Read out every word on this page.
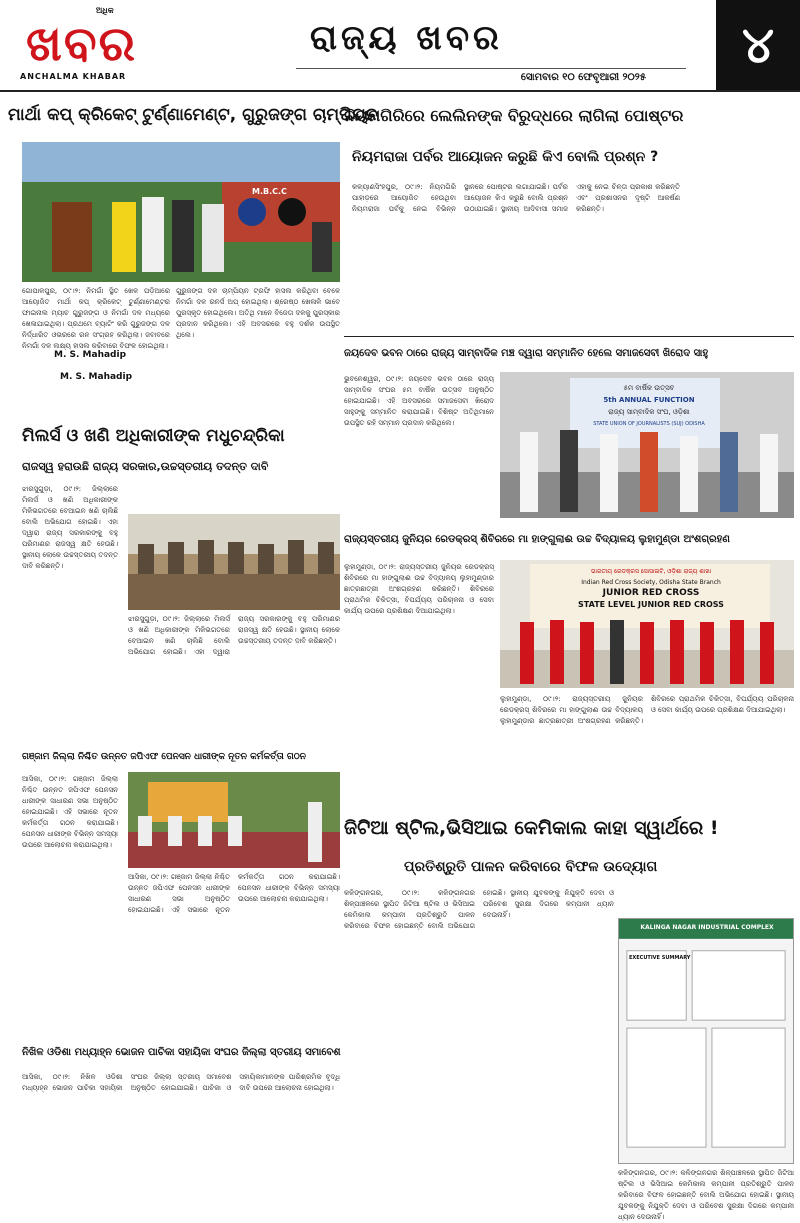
ଅଧିକ
ଖବର
ANCHALMA KHABAR
ରାଜ୍ୟ ଖବର
ସୋମବାର ୧୦ ଫେବୃଆରୀ ୨୦୨୫
୪
ମାର୍ଥା କପ୍ କ୍ରିକେଟ୍ ଟୁର୍ଣ୍ଣାମେଣ୍ଟ, ଗୁରୁଜଙ୍ଗ ଚାମ୍ପିୟନ
M.B.C.C
ଗୋପାଳପୁର, ୦୯।୨: ନିମଗାଁ ସ୍ଥିତ ଖେଳ ପଡ଼ିଆରେ ଆୟୋଜିତ ମାର୍ଥା କପ୍ କ୍ରିକେଟ୍ ଟୁର୍ଣ୍ଣାମେଣ୍ଟର ଫାଇନାଲ ମ୍ୟାଚ ଗୁରୁଜଙ୍ଗ ଓ ନିମଗାଁ ଦଳ ମଧ୍ୟରେ ଖେଳାଯାଇଥିଲା। ପ୍ରଥମେ ବ୍ୟାଟିଂ କରି ଗୁରୁଜଙ୍ଗ ଦଳ ନିର୍ଦ୍ଧାରିତ ଓଭରରେ ରନ ସଂଗ୍ରହ କରିଥିଲା। ଜବାବରେ ନିମଗାଁ ଦଳ ଲକ୍ଷ୍ୟ ହାସଲ କରିବାରେ ବିଫଳ ହୋଇଥିଲା।
ଗୁରୁଜଙ୍ଗ ଦଳ ଚାମ୍ପିୟନ ଟ୍ରଫି ହାସଲ କରିଥିବା ବେଳେ ନିମଗାଁ ଦଳ ରନର୍ସ ଅପ୍ ହୋଇଥିଲା। ଶ୍ରେଷ୍ଠ ଖେଳାଳି ଭାବେ ପୁରସ୍କୃତ ହୋଇଥିଲେ। ଅତିଥି ମାନେ ବିଜେତା ଦଳକୁ ପୁରସ୍କାର ପ୍ରଦାନ କରିଥିଲେ। ଏହି ଅବସରରେ ବହୁ ଦର୍ଶକ ଉପସ୍ଥିତ ଥିଲେ।
M. S. Mahadip
M. S. Mahadip
ନିୟମଗିରିରେ ଲେଲିନଙ୍କ ବିରୁଦ୍ଧରେ ଲାଗିଲା ପୋଷ୍ଟର
ନିୟମରାଜା ପର୍ବର ଆୟୋଜନ କରୁଛି କିଏ ବୋଲି ପ୍ରଶ୍ନ ?
କଳ୍ୟାଣସିଂହପୁର, ୦୯।୨: ନିୟମଗିରି ପାହାଡ଼ରେ ଆୟୋଜିତ ହେଉଥିବା ନିୟମରାଜା ପର୍ବକୁ ନେଇ ବିଭିନ୍ନ ସ୍ଥାନରେ ପୋଷ୍ଟର ଲଗାଯାଇଛି। ପର୍ବର ଆୟୋଜନ କିଏ କରୁଛି ବୋଲି ପ୍ରଶ୍ନ ଉଠାଯାଇଛି। ସ୍ଥାନୀୟ ଆଦିବାସୀ ସମାଜ ଏହାକୁ ନେଇ ଚିନ୍ତା ପ୍ରକାଶ କରିଛନ୍ତି ଏବଂ ପ୍ରଶାସନର ଦୃଷ୍ଟି ଆକର୍ଷଣ କରିଛନ୍ତି।
ଜୟଦେବ ଭବନ ଠାରେ ରାଜ୍ୟ ସାମ୍ବାଦିକ ମଞ୍ଚ ଦ୍ୱାରା ସମ୍ମାନିତ ହେଲେ ସମାଜସେବୀ ଖିରୋଦ ସାହୁ
ଭୁବନେଶ୍ୱର, ୦୯।୨: ଜୟଦେବ ଭବନ ଠାରେ ରାଜ୍ୟ ସାମ୍ବାଦିକ ସଂଘର ୫ମ ବାର୍ଷିକ ଉତ୍ସବ ଅନୁଷ୍ଠିତ ହୋଇଯାଇଛି। ଏହି ଅବସରରେ ସମାଜସେବୀ ଖିରୋଦ ସାହୁଙ୍କୁ ସମ୍ମାନିତ କରାଯାଇଛି। ବିଶିଷ୍ଟ ଅତିଥିମାନେ ଉପସ୍ଥିତ ରହି ସମ୍ମାନ ପ୍ରଦାନ କରିଥିଲେ।
୫ମ ବାର୍ଷିକ ଉତ୍ସବ
5th ANNUAL FUNCTION
ରାଜ୍ୟ ସାମ୍ବାଦିକ ସଂଘ, ଓଡ଼ିଶା
STATE UNION OF JOURNALISTS (SUJ) ODISHA
ମିଲର୍ସ ଓ ଖଣି ଅଧିକାରୀଙ୍କ ମଧୁଚନ୍ଦ୍ରିକା
ରାଜସ୍ୱ ହରାଉଛି ରାଜ୍ୟ ସରକାର,ଉଚ୍ଚସ୍ତରୀୟ ତଦନ୍ତ ଦାବି
ଝାରସୁଗୁଡ଼ା, ୦୯।୨: ଜିଲ୍ଲାରେ ମିଲର୍ସ ଓ ଖଣି ଅଧିକାରୀଙ୍କ ମିଳିଭଗତରେ ବେଆଇନ ଖଣି ଚାଲିଛି ବୋଲି ଅଭିଯୋଗ ହୋଇଛି। ଏହା ଦ୍ୱାରା ରାଜ୍ୟ ସରକାରଙ୍କୁ ବହୁ ପରିମାଣର ରାଜସ୍ୱ କ୍ଷତି ହେଉଛି। ସ୍ଥାନୀୟ ଲୋକେ ଉଚ୍ଚସ୍ତରୀୟ ତଦନ୍ତ ଦାବି କରିଛନ୍ତି।
ଝାରସୁଗୁଡ଼ା, ୦୯।୨: ଜିଲ୍ଲାରେ ମିଲର୍ସ ଓ ଖଣି ଅଧିକାରୀଙ୍କ ମିଳିଭଗତରେ ବେଆଇନ ଖଣି ଚାଲିଛି ବୋଲି ଅଭିଯୋଗ ହୋଇଛି। ଏହା ଦ୍ୱାରା ରାଜ୍ୟ ସରକାରଙ୍କୁ ବହୁ ପରିମାଣର ରାଜସ୍ୱ କ୍ଷତି ହେଉଛି। ସ୍ଥାନୀୟ ଲୋକେ ଉଚ୍ଚସ୍ତରୀୟ ତଦନ୍ତ ଦାବି କରିଛନ୍ତି।
ରାଜ୍ୟସ୍ତରୀୟ ଜୁନିୟର ରେଡକ୍ରସ୍ ଶିବିରରେ ମା ହାଙ୍ଗୁଲାଈ ଉଚ୍ଚ ବିଦ୍ୟାଳୟ ଲୁହାମୁଣ୍ଡା ଅଂଶଗ୍ରହଣ
ଲୁହାମୁଣ୍ଡା, ୦୯।୨: ରାଜ୍ୟସ୍ତରୀୟ ଜୁନିୟର ରେଡକ୍ରସ୍ ଶିବିରରେ ମା ହାଙ୍ଗୁଲାଈ ଉଚ୍ଚ ବିଦ୍ୟାଳୟ ଲୁହାମୁଣ୍ଡାର ଛାତ୍ରଛାତ୍ରୀ ଅଂଶଗ୍ରହଣ କରିଛନ୍ତି। ଶିବିରରେ ପ୍ରାଥମିକ ଚିକିତ୍ସା, ବିପର୍ଯ୍ୟୟ ପରିଚାଳନା ଓ ସେବା କାର୍ଯ୍ୟ ଉପରେ ପ୍ରଶିକ୍ଷଣ ଦିଆଯାଇଥିଲା।
ଭାରତୀୟ ରେଡକ୍ରସ ସୋସାଇଟି, ଓଡ଼ିଶା ରାଜ୍ୟ ଶାଖା
Indian Red Cross Society, Odisha State Branch
JUNIOR RED CROSS
STATE LEVEL JUNIOR RED CROSS
ଲୁହାମୁଣ୍ଡା, ୦୯।୨: ରାଜ୍ୟସ୍ତରୀୟ ଜୁନିୟର ରେଡକ୍ରସ୍ ଶିବିରରେ ମା ହାଙ୍ଗୁଲାଈ ଉଚ୍ଚ ବିଦ୍ୟାଳୟ ଲୁହାମୁଣ୍ଡାର ଛାତ୍ରଛାତ୍ରୀ ଅଂଶଗ୍ରହଣ କରିଛନ୍ତି। ଶିବିରରେ ପ୍ରାଥମିକ ଚିକିତ୍ସା, ବିପର୍ଯ୍ୟୟ ପରିଚାଳନା ଓ ସେବା କାର୍ଯ୍ୟ ଉପରେ ପ୍ରଶିକ୍ଷଣ ଦିଆଯାଇଥିଲା।
ଗଞ୍ଜାମ ଜିଲ୍ଲା ନିଶ୍ଚିତ ଉନ୍ନତ ଜପିଏଫ ପେନସନ ଧାରୀଙ୍କ ନୂତନ କର୍ମକର୍ତ୍ତା ଗଠନ
ଆସିକା, ୦୯।୨: ଗଞ୍ଜାମ ଜିଲ୍ଲା ନିଶ୍ଚିତ ଉନ୍ନତ ଜପିଏଫ ପେନସନ ଧାରୀଙ୍କ ସାଧାରଣ ସଭା ଅନୁଷ୍ଠିତ ହୋଇଯାଇଛି। ଏହି ସଭାରେ ନୂତନ କର୍ମକର୍ତ୍ତା ଗଠନ କରାଯାଇଛି। ପେନସନ ଧାରୀଙ୍କ ବିଭିନ୍ନ ସମସ୍ୟା ଉପରେ ଆଲୋଚନା କରାଯାଇଥିଲା।
ଆସିକା, ୦୯।୨: ଗଞ୍ଜାମ ଜିଲ୍ଲା ନିଶ୍ଚିତ ଉନ୍ନତ ଜପିଏଫ ପେନସନ ଧାରୀଙ୍କ ସାଧାରଣ ସଭା ଅନୁଷ୍ଠିତ ହୋଇଯାଇଛି। ଏହି ସଭାରେ ନୂତନ କର୍ମକର୍ତ୍ତା ଗଠନ କରାଯାଇଛି। ପେନସନ ଧାରୀଙ୍କ ବିଭିନ୍ନ ସମସ୍ୟା ଉପରେ ଆଲୋଚନା କରାଯାଇଥିଲା।
ଜିଟିଆ ଷ୍ଟିଲ,ଭିସିଆଇ କେମିକାଲ କାହା ସ୍ୱାର୍ଥରେ !
ପ୍ରତିଶ୍ରୁତି ପାଳନ କରିବାରେ ବିଫଳ ଉଦ୍ୟୋଗ
କଳିଙ୍ଗନଗର, ୦୯।୨: କଳିଙ୍ଗନଗର ଶିଳ୍ପାଞ୍ଚଳରେ ସ୍ଥାପିତ ଜିଟିଆ ଷ୍ଟିଲ ଓ ଭିସିଆଇ କେମିକାଲ କମ୍ପାନୀ ପ୍ରତିଶ୍ରୁତି ପାଳନ କରିବାରେ ବିଫଳ ହୋଇଛନ୍ତି ବୋଲି ଅଭିଯୋଗ ହୋଇଛି। ସ୍ଥାନୀୟ ଯୁବକଙ୍କୁ ନିଯୁକ୍ତି ଦେବା ଓ ପରିବେଶ ସୁରକ୍ଷା ଦିଗରେ କମ୍ପାନୀ ଧ୍ୟାନ ଦେଉନାହିଁ।
KALINGA NAGAR INDUSTRIAL COMPLEX
EXECUTIVE SUMMARY
କଳିଙ୍ଗନଗର, ୦୯।୨: କଳିଙ୍ଗନଗର ଶିଳ୍ପାଞ୍ଚଳରେ ସ୍ଥାପିତ ଜିଟିଆ ଷ୍ଟିଲ ଓ ଭିସିଆଇ କେମିକାଲ କମ୍ପାନୀ ପ୍ରତିଶ୍ରୁତି ପାଳନ କରିବାରେ ବିଫଳ ହୋଇଛନ୍ତି ବୋଲି ଅଭିଯୋଗ ହୋଇଛି। ସ୍ଥାନୀୟ ଯୁବକଙ୍କୁ ନିଯୁକ୍ତି ଦେବା ଓ ପରିବେଶ ସୁରକ୍ଷା ଦିଗରେ କମ୍ପାନୀ ଧ୍ୟାନ ଦେଉନାହିଁ।
ନିଖିଳ ଓଡିଶା ମଧ୍ୟାହ୍ନ ଭୋଜନ ପାଚିକା ସହାୟିକା ସଂଘର ଜିଲ୍ଲା ସ୍ତରୀୟ ସମାବେଶ
ଆସିକା, ୦୯।୨: ନିଖିଳ ଓଡିଶା ମଧ୍ୟାହ୍ନ ଭୋଜନ ପାଚିକା ସହାୟିକା ସଂଘର ଜିଲ୍ଲା ସ୍ତରୀୟ ସମାବେଶ ଅନୁଷ୍ଠିତ ହୋଇଯାଇଛି। ପାଚିକା ଓ ସହାୟିକାମାନଙ୍କ ପାରିଶ୍ରମିକ ବୃଦ୍ଧି ଦାବି ଉପରେ ଆଲୋଚନା ହୋଇଥିଲା।
